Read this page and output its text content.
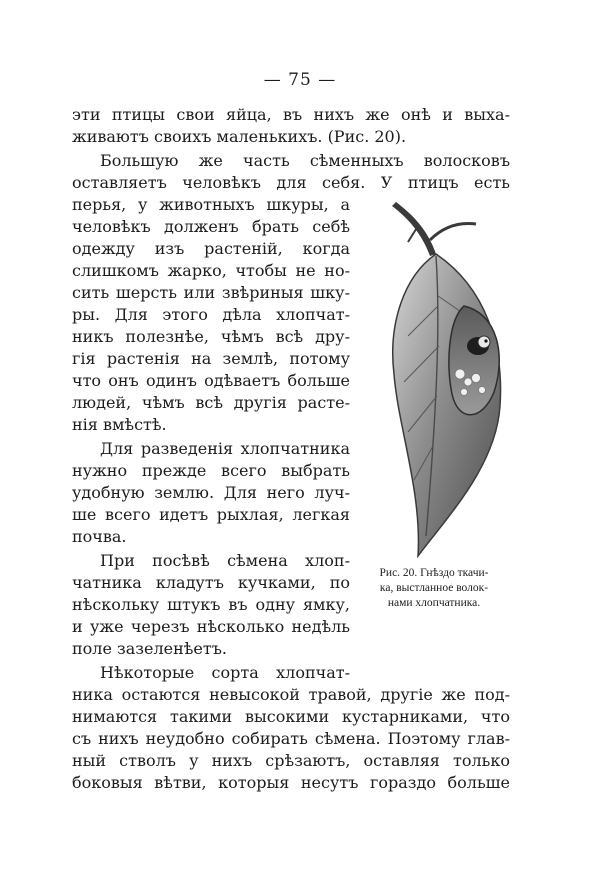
— 75 —
эти птицы свои яйца, въ нихъ же онѣ и выха-
живаютъ своихъ маленькихъ. (Рис. 20).
Большую же часть сѣменныхъ волосковъ
оставляетъ человѣкъ для себя. У птицъ есть
перья, у животныхъ шкуры, а
человѣкъ долженъ брать себѣ
одежду изъ растенiй, когда
слишкомъ жарко, чтобы не но-
сить шерсть или звѣриныя шку-
ры. Для этого дѣла хлопчат-
никъ полезнѣе, чѣмъ всѣ дру-
гiя растенiя на землѣ, потому
что онъ одинъ одѣваетъ больше
людей, чѣмъ всѣ другiя расте-
нiя вмѣстѣ.
Для разведенiя хлопчатника
нужно прежде всего выбрать
удобную землю. Для него луч-
ше всего идетъ рыхлая, легкая
почва.
При посѣвѣ сѣмена хлоп-
чатника кладутъ кучками, по
нѣскольку штукъ въ одну ямку,
и уже черезъ нѣсколько недѣль
поле зазеленѣетъ.
Нѣкоторые сорта хлопчат-
ника остаются невысокой травой, другiе же под-
нимаются такими высокими кустарниками, что
съ нихъ неудобно собирать сѣмена. Поэтому глав-
ный стволъ у нихъ срѣзаютъ, оставляя только
боковыя вѣтви, которыя несутъ гораздо больше
Рис. 20. Гнѣздо ткачи-
ка, выстланное волок-
нами хлопчатника.
